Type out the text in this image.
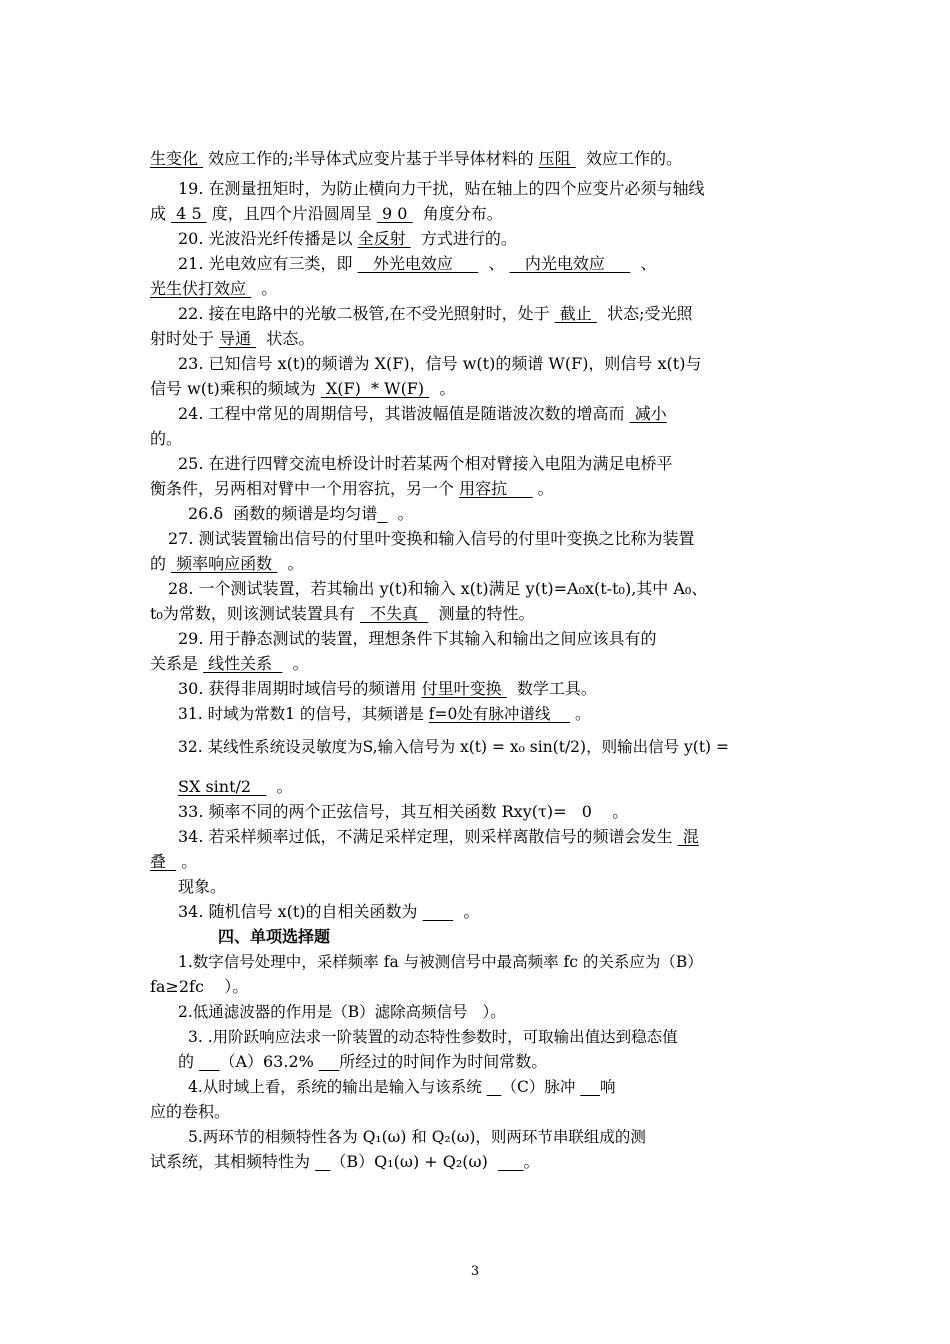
生变化  效应工作的;半导体式应变片基于半导体材料的 压阻   效应工作的。
19. 在测量扭矩时，为防止横向力干扰，贴在轴上的四个应变片必须与轴线
成  4 5  度，且四个片沿圆周呈  9 0   角度分布。
20. 光波沿光纤传播是以 全反射   方式进行的。
21. 光电效应有三类，即    外光电效应       、    内光电效应       、
光生伏打效应   。
22. 接在电路中的光敏二极管,在不受光照射时，处于  截止   状态;受光照
射时处于 导通   状态。
23. 已知信号 x(t)的频谱为 X(F)，信号 w(t)的频谱 W(F)，则信号 x(t)与
信号 w(t)乘积的频域为  X(F)  * W(F)   。
24. 工程中常见的周期信号，其谐波幅值是随谐波次数的增高而  减小
的。
25. 在进行四臂交流电桥设计时若某两个相对臂接入电阻为满足电桥平
衡条件，另两相对臂中一个用容抗，另一个 用容抗      。
26.δ  函数的频谱是均匀谱    。
27. 测试装置输出信号的付里叶变换和输入信号的付里叶变换之比称为装置
的  频率响应函数   。
28. 一个测试装置，若其输出 y(t)和输入 x(t)满足 y(t)=A₀x(t-t₀),其中 A₀、
t₀为常数，则该测试装置具有   不失真    测量的特性。
29. 用于静态测试的装置，理想条件下其输入和输出之间应该具有的
关系是  线性关系    。
30. 获得非周期时域信号的频谱用 付里叶变换   数学工具。
31. 时域为常数1 的信号，其频谱是 f=0处有脉冲谱线     。
32. 某线性系统设灵敏度为S,输入信号为 x(t) = x₀ sin(t/2)，则输出信号 y(t) =
SX sint/2     。
33. 频率不同的两个正弦信号，其互相关函数 Rxy(τ)=   0    。
34. 若采样频率过低，不满足采样定理，则采样离散信号的频谱会发生  混
叠   。
现象。
34. 随机信号 x(t)的自相关函数为         。
四、单项选择题
1.数字信号处理中，采样频率 fa 与被测信号中最高频率 fc 的关系应为（B）
fa≥2fc    ）。
2.低通滤波器的作用是（B）滤除高频信号   ）。
3. .用阶跃响应法求一阶装置的动态特性参数时，可取输出值达到稳态值
的     （A）63.2%     所经过的时间作为时间常数。
4.从时域上看，系统的输出是输入与该系统    （C）脉冲     响
应的卷积。
5.两环节的相频特性各为 Q₁(ω) 和 Q₂(ω)，则两环节串联组成的测
试系统，其相频特性为    （B）Q₁(ω) + Q₂(ω)       。
3
